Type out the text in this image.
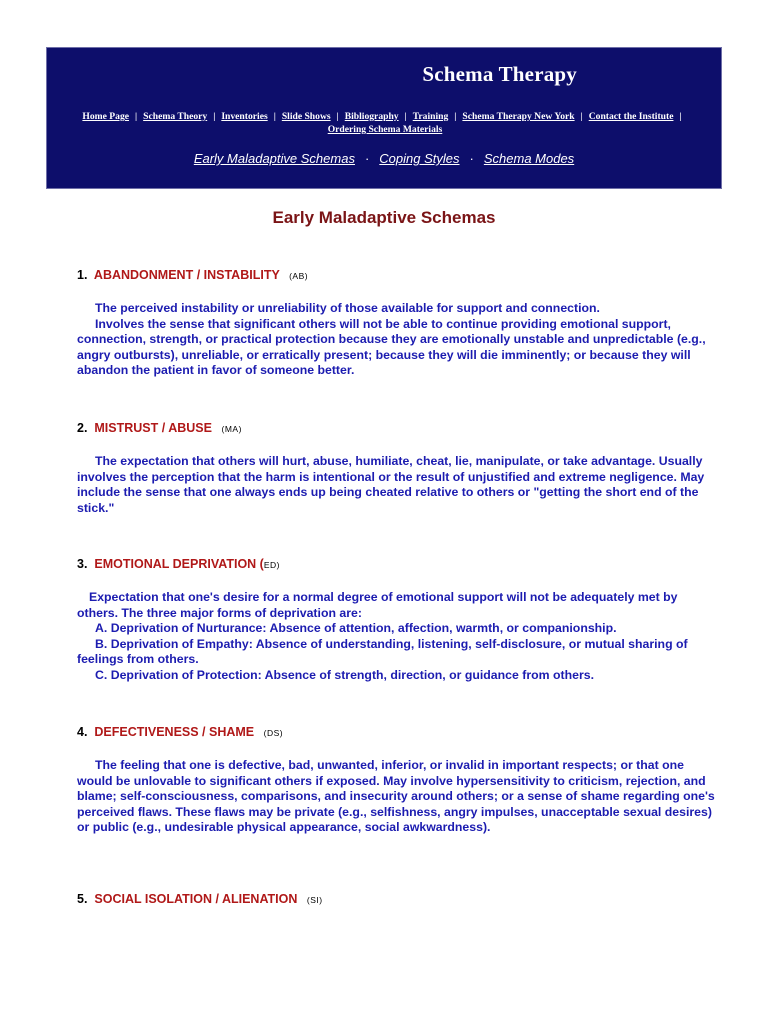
Schema Therapy
Home Page | Schema Theory | Inventories | Slide Shows | Bibliography | Training | Schema Therapy New York | Contact the Institute |
Ordering Schema Materials
Early Maladaptive Schemas · Coping Styles · Schema Modes
Early Maladaptive Schemas
1. ABANDONMENT / INSTABILITY (AB)

The perceived instability or unreliability of those available for support and connection.

Involves the sense that significant others will not be able to continue providing emotional support, connection, strength, or practical protection because they are emotionally unstable and unpredictable (e.g., angry outbursts), unreliable, or erratically present; because they will die imminently; or because they will abandon the patient in favor of someone better.

2. MISTRUST / ABUSE (MA)

The expectation that others will hurt, abuse, humiliate, cheat, lie, manipulate, or take advantage. Usually involves the perception that the harm is intentional or the result of unjustified and extreme negligence. May include the sense that one always ends up being cheated relative to others or "getting the short end of the stick."

3. EMOTIONAL DEPRIVATION (ED)

Expectation that one's desire for a normal degree of emotional support will not be adequately met by others. The three major forms of deprivation are:

A. Deprivation of Nurturance: Absence of attention, affection, warmth, or companionship.

B. Deprivation of Empathy: Absence of understanding, listening, self-disclosure, or mutual sharing of feelings from others.

C. Deprivation of Protection: Absence of strength, direction, or guidance from others.

4. DEFECTIVENESS / SHAME (DS)

The feeling that one is defective, bad, unwanted, inferior, or invalid in important respects; or that one would be unlovable to significant others if exposed. May involve hypersensitivity to criticism, rejection, and blame; self-consciousness, comparisons, and insecurity around others; or a sense of shame regarding one's perceived flaws. These flaws may be private (e.g., selfishness, angry impulses, unacceptable sexual desires) or public (e.g., undesirable physical appearance, social awkwardness).

5. SOCIAL ISOLATION / ALIENATION (SI)
